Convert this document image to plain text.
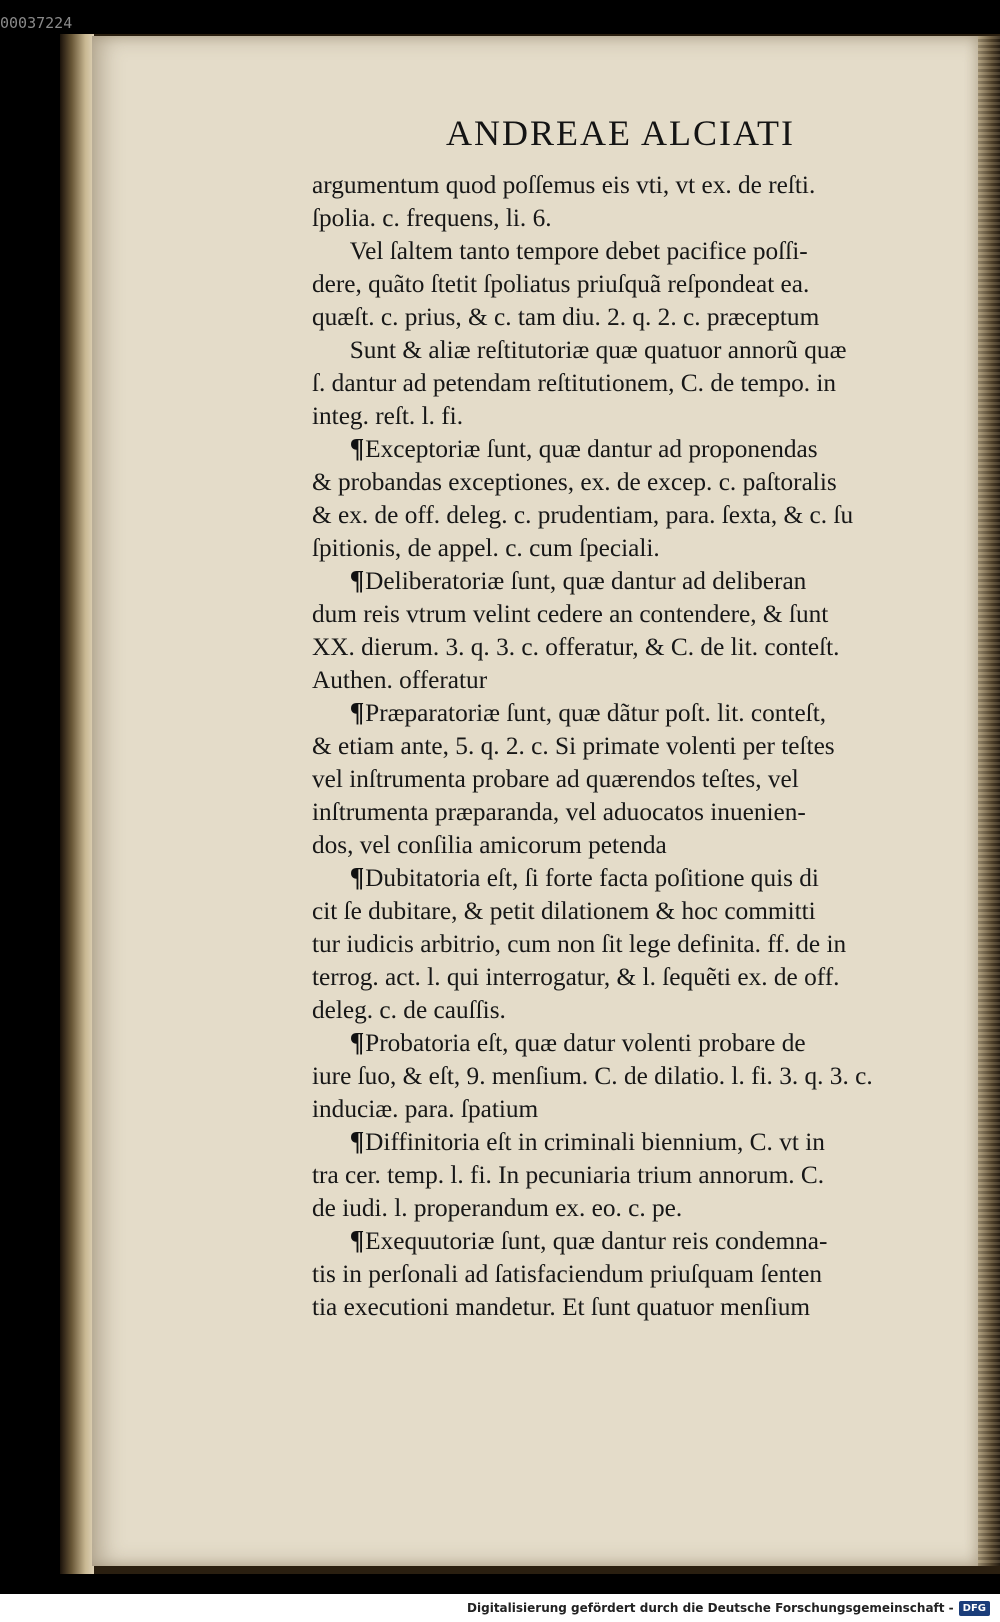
00037224
ANDREAE ALCIATI
argumentum quod poſſemus eis vti, vt ex. de reſti.
ſpolia. c. frequens, li. 6.
Vel ſaltem tanto tempore debet pacifice poſſi-
dere, quãto ſtetit ſpoliatus priuſquã reſpondeat ea.
quæſt. c. prius, & c. tam diu. 2. q. 2. c. præceptum
Sunt & aliæ reſtitutoriæ quæ quatuor annorũ quæ
ſ. dantur ad petendam reſtitutionem, C. de tempo. in
integ. reſt. l. fi.
¶Exceptoriæ ſunt, quæ dantur ad proponendas
& probandas exceptiones, ex. de excep. c. paſtoralis
& ex. de off. deleg. c. prudentiam, para. ſexta, & c. ſu
ſpitionis, de appel. c. cum ſpeciali.
¶Deliberatoriæ ſunt, quæ dantur ad deliberan
dum reis vtrum velint cedere an contendere, & ſunt
XX. dierum. 3. q. 3. c. offeratur, & C. de lit. conteſt.
Authen. offeratur
¶Præparatoriæ ſunt, quæ dãtur poſt. lit. conteſt,
& etiam ante, 5. q. 2. c. Si primate volenti per teſtes
vel inſtrumenta probare ad quærendos teſtes, vel
inſtrumenta præparanda, vel aduocatos inuenien-
dos, vel conſilia amicorum petenda
¶Dubitatoria eſt, ſi forte facta poſitione quis di
cit ſe dubitare, & petit dilationem & hoc committi
tur iudicis arbitrio, cum non ſit lege definita. ff. de in
terrog. act. l. qui interrogatur, & l. ſequẽti ex. de off.
deleg. c. de cauſſis.
¶Probatoria eſt, quæ datur volenti probare de
iure ſuo, & eſt, 9. menſium. C. de dilatio. l. fi. 3. q. 3. c.
induciæ. para. ſpatium
¶Diffinitoria eſt in criminali biennium, C. vt in
tra cer. temp. l. fi. In pecuniaria trium annorum. C.
de iudi. l. properandum ex. eo. c. pe.
¶Exequutoriæ ſunt, quæ dantur reis condemna-
tis in perſonali ad ſatisfaciendum priuſquam ſenten
tia executioni mandetur. Et ſunt quatuor menſium
Digitalisierung gefördert durch die Deutsche Forschungsgemeinschaft - DFG
